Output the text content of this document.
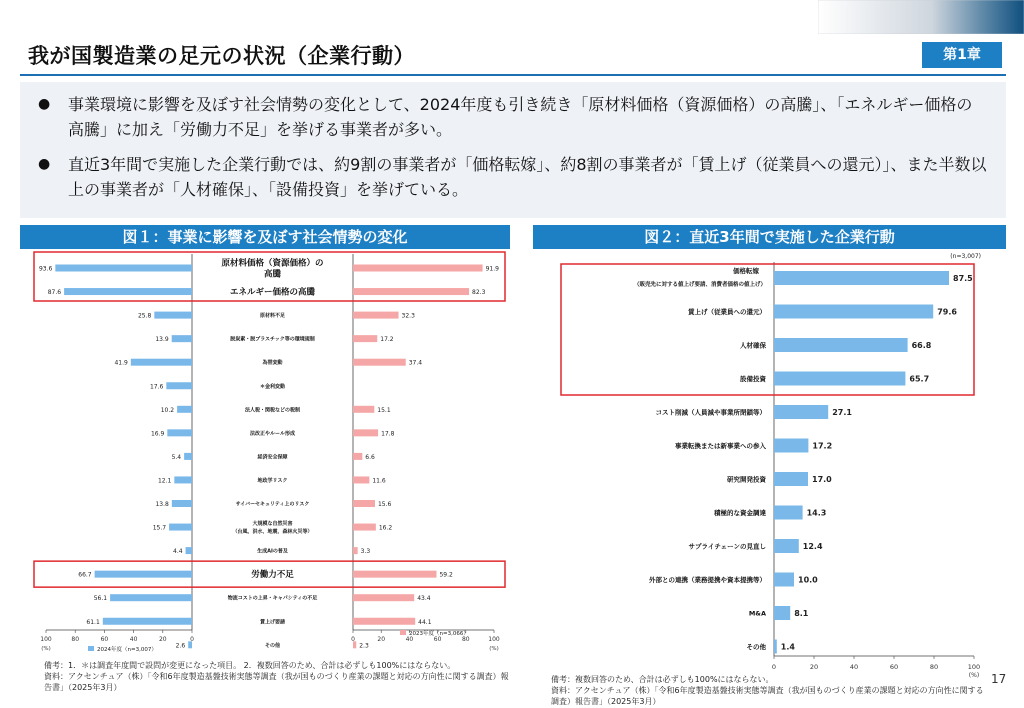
我が国製造業の足元の状況（企業行動）	第1章
●	事業環境に影響を及ぼす社会情勢の変化として、2024年度も引き続き「原材料価格（資源価格）の高騰」、「エネルギー価格の高騰」に加え「労働力不足」を挙げる事業者が多い。
●	直近3年間で実施した企業行動では、約9割の事業者が「価格転嫁」、約8割の事業者が「賃上げ（従業員への還元）」、また半数以上の事業者が「人材確保」、「設備投資」を挙げている。
図１：事業に影響を及ぼす社会情勢の変化	図２：直近3年間で実施した企業行動
93.6	91.9
原材料価格（資源価格）の
高騰
87.6	82.3
エネルギー価格の高騰
25.8	32.3
原材料不足
13.9	17.2
脱炭素・脱プラスチック等の環境規制
41.9	37.4
為替変動
17.6	＊金利変動
10.2	15.1
法人税・関税などの税制
16.9	17.8
法改正やルール形成
5.4	6.6
経済安全保障
12.1	11.6
地政学リスク
13.8	15.6
サイバーセキュリティ上のリスク
15.7	16.2
大規模な自然災害
（台風、洪水、地震、森林火災等）
4.4	3.3
生成AIの普及
66.7	59.2
労働力不足
56.1	43.4
物流コストの上昇・キャパシティの不足
61.1	44.1
賃上げ要請
2.6	2.3
その他
100	80	60	40	20	0	0	20	40	60	80	100
(%)	(%)
2024年度（n=3,007）
2023年度（n=3,066）
(n=3,007)
87.5
価格転嫁
（販売先に対する値上げ要請、消費者価格の値上げ）
79.6
賃上げ（従業員への還元）
66.8
人材確保
65.7
設備投資
27.1
コスト削減（人員減や事業所閉鎖等）
17.2
事業転換または新事業への参入
17.0
研究開発投資
14.3
積極的な資金調達
12.4
サプライチェーンの見直し
10.0
外部との連携（業務提携や資本提携等）
8.1
M&A
1.4
その他
0	20	40	60	80	100
(%)
備考：1．＊は調査年度間で設問が変更になった項目。 2．複数回答のため、合計は必ずしも100%にはならない。
資料：アクセンチュア（株）「令和6年度製造基盤技術実態等調査（我が国ものづくり産業の課題と対応の方向性に関する調査）報告書」（2025年3月）
備考：複数回答のため、合計は必ずしも100%にはならない。
資料：アクセンチュア（株）「令和6年度製造基盤技術実態等調査（我が国ものづくり産業の課題と対応の方向性に関する調査）報告書」（2025年3月）
17
